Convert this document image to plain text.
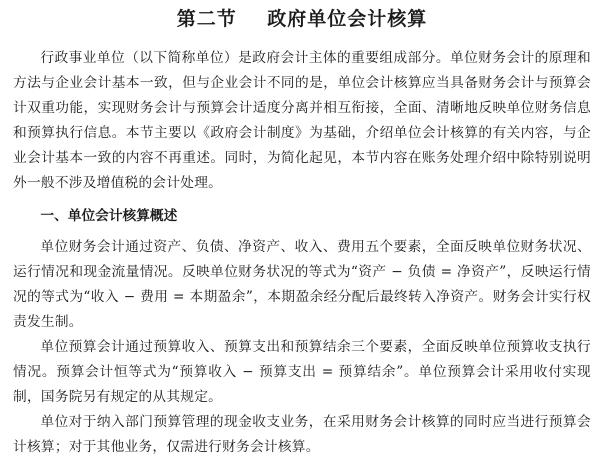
第二节    政府单位会计核算

行政事业单位（以下简称单位）是政府会计主体的重要组成部分。单位财务会计的原理和方法与企业会计基本一致，但与企业会计不同的是，单位会计核算应当具备财务会计与预算会计双重功能，实现财务会计与预算会计适度分离并相互衔接，全面、清晰地反映单位财务信息和预算执行信息。本节主要以《政府会计制度》为基础，介绍单位会计核算的有关内容，与企业会计基本一致的内容不再重述。同时，为简化起见，本节内容在账务处理介绍中除特别说明外一般不涉及增值税的会计处理。

一、单位会计核算概述

单位财务会计通过资产、负债、净资产、收入、费用五个要素，全面反映单位财务状况、运行情况和现金流量情况。反映单位财务状况的等式为“资产 − 负债 = 净资产”，反映运行情况的等式为“收入 − 费用 = 本期盈余”，本期盈余经分配后最终转入净资产。财务会计实行权责发生制。

单位预算会计通过预算收入、预算支出和预算结余三个要素，全面反映单位预算收支执行情况。预算会计恒等式为“预算收入 − 预算支出 = 预算结余”。单位预算会计采用收付实现制，国务院另有规定的从其规定。

单位对于纳入部门预算管理的现金收支业务，在采用财务会计核算的同时应当进行预算会计核算；对于其他业务，仅需进行财务会计核算。
